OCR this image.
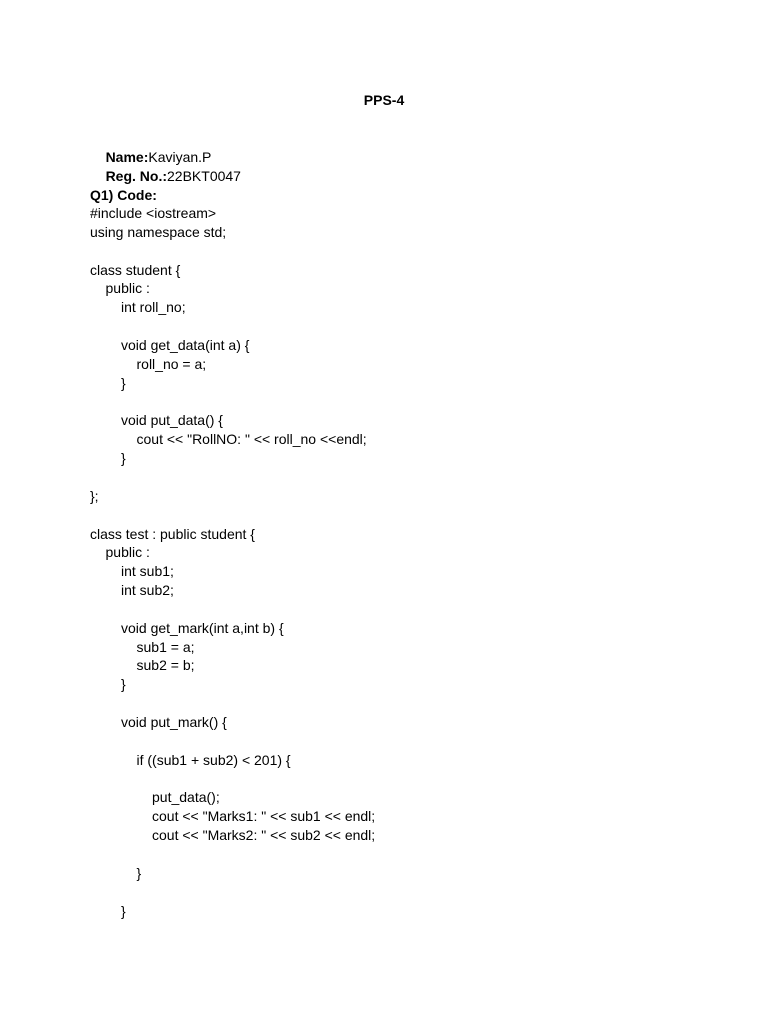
PPS-4

Name:Kaviyan.P

Reg. No.:22BKT0047

Q1) Code:
#include <iostream>
using namespace std;
class student {
public :
int roll_no;
void get_data(int a) {
roll_no = a;
}
void put_data() {
cout << "RollNO: " << roll_no <<endl;
}
};
class test : public student {
public :
int sub1;
int sub2;
void get_mark(int a,int b) {
sub1 = a;
sub2 = b;
}
void put_mark() {
if ((sub1 + sub2) < 201) {
put_data();
cout << "Marks1: " << sub1 << endl;
cout << "Marks2: " << sub2 << endl;
}
}
